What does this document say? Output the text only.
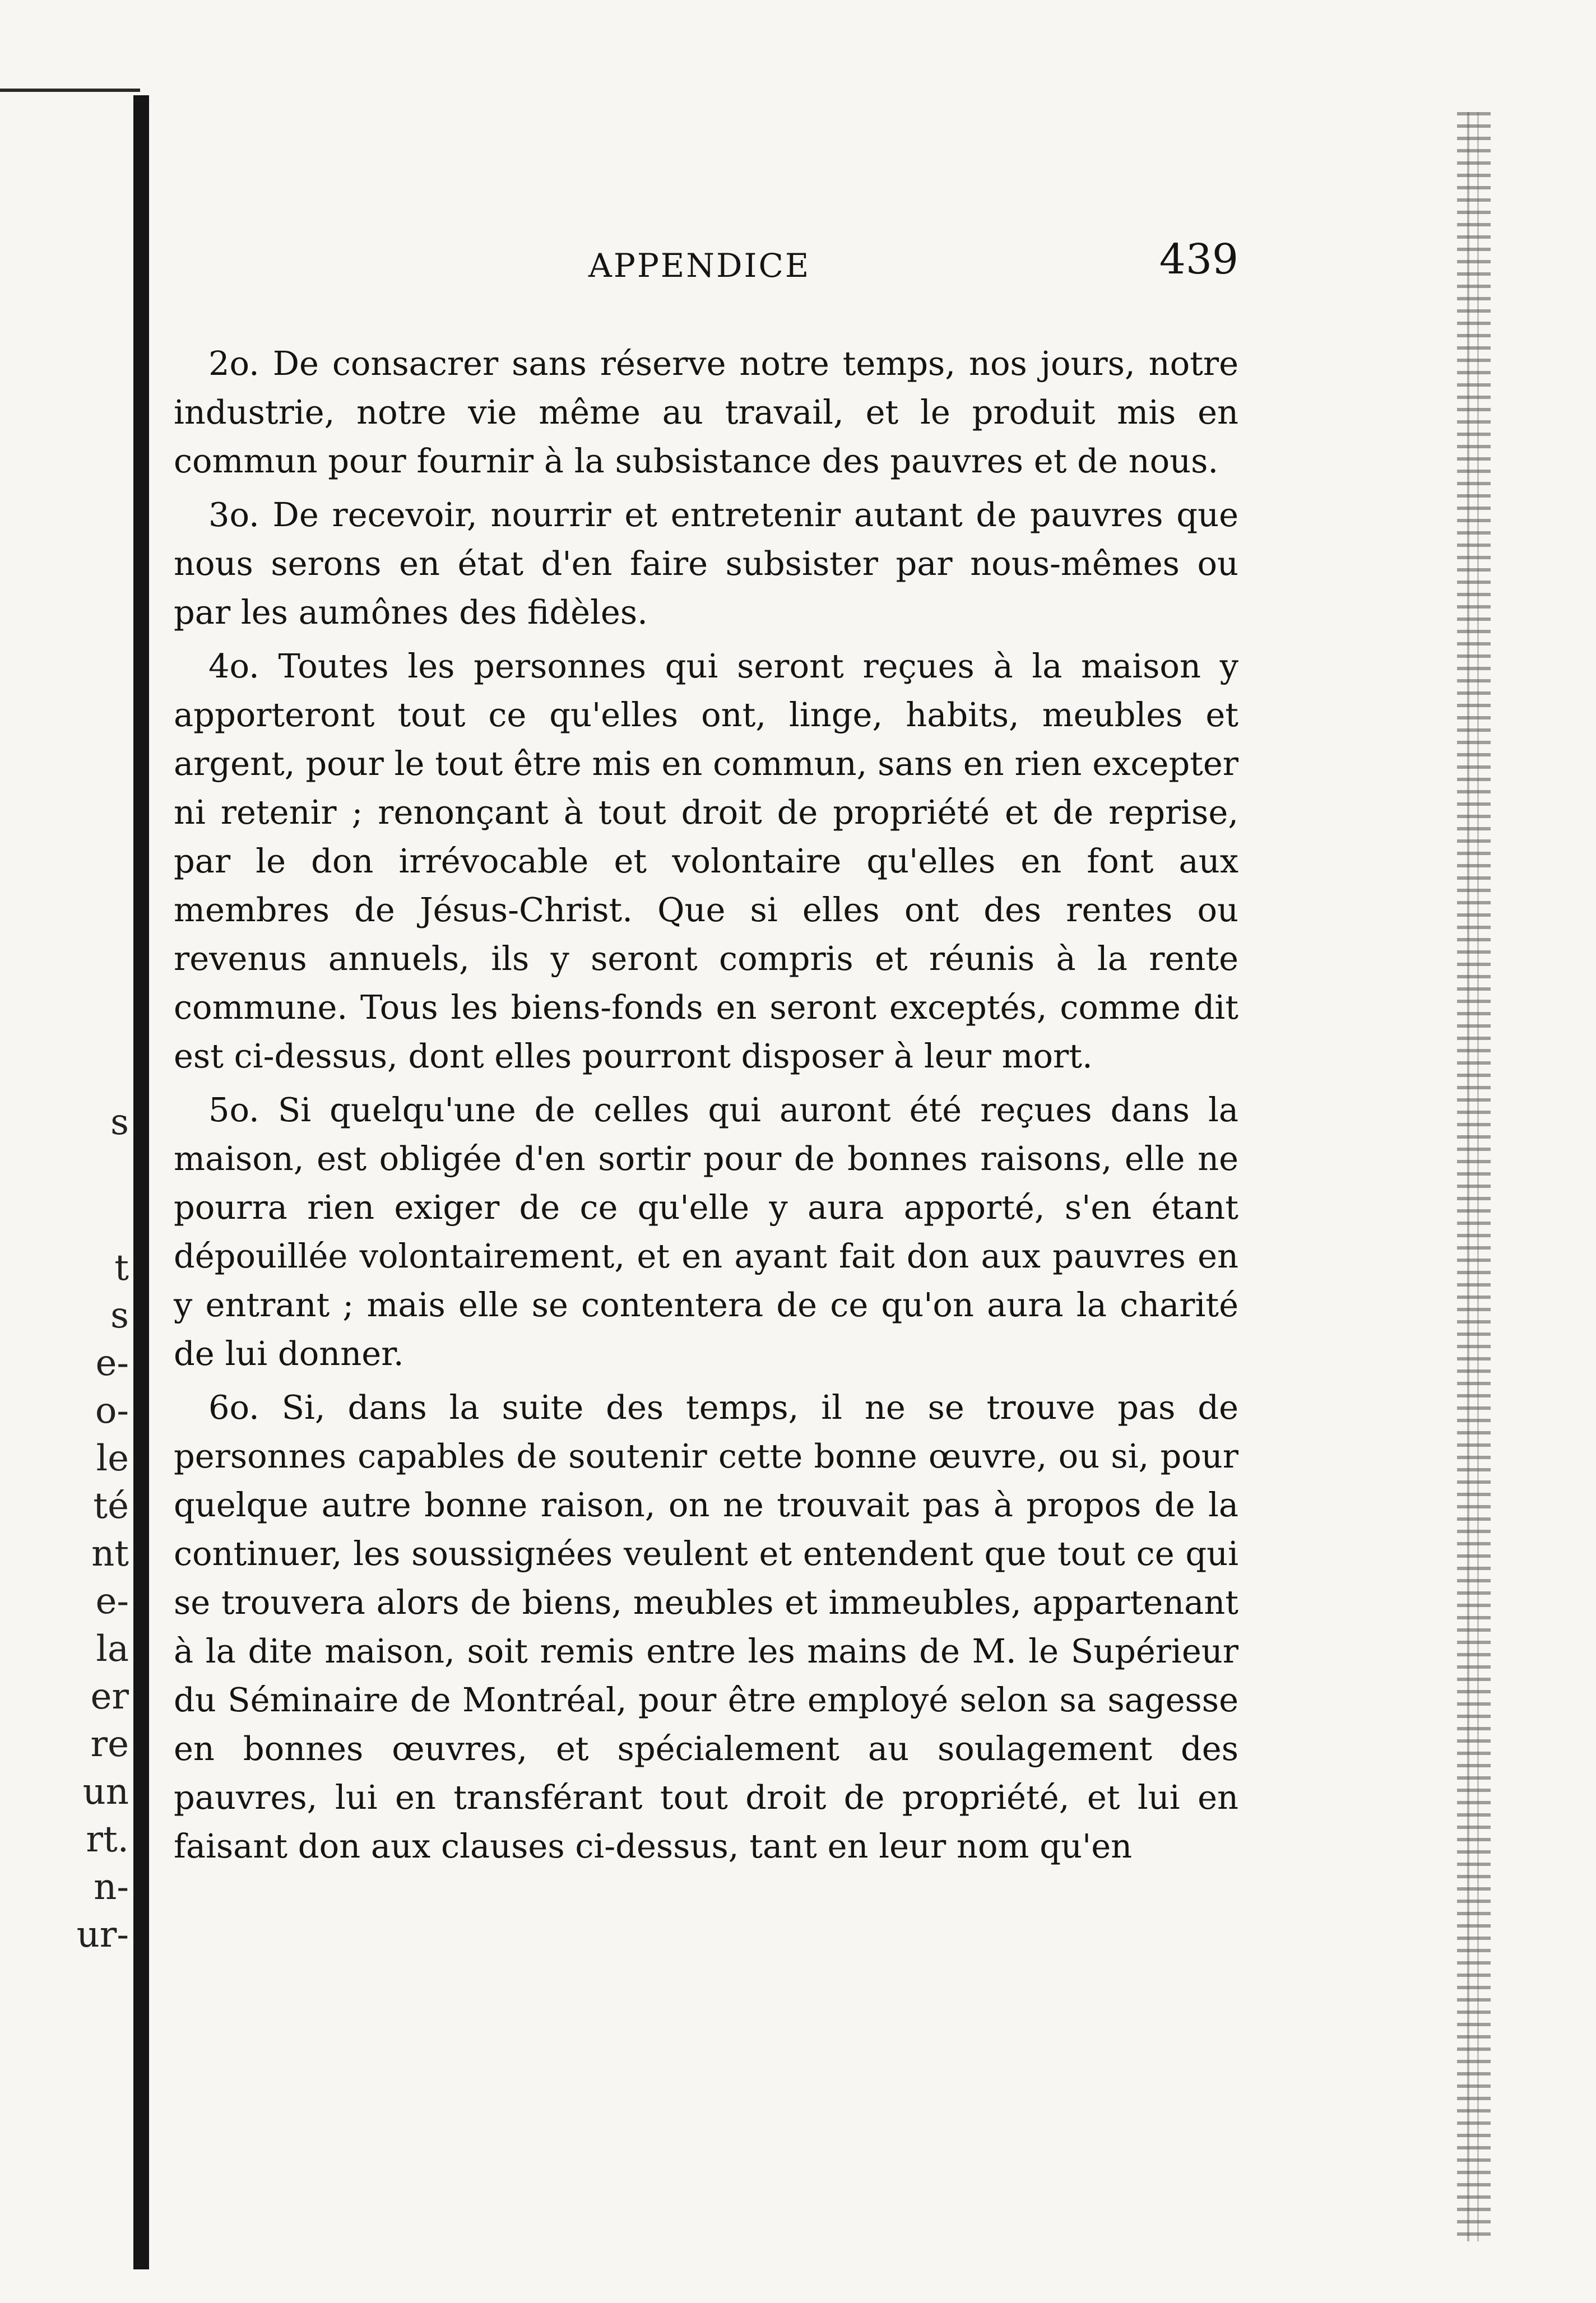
s
t
s
e-
o-
le
té
nt
e-
la
er
re
un
rt.
n-
ur-
APPENDICE	439

2o. De consacrer sans réserve notre temps, nos jours, notre industrie, notre vie même au travail, et le produit mis en commun pour fournir à la subsistance des pauvres et de nous.

3o. De recevoir, nourrir et entretenir autant de pauvres que nous serons en état d'en faire subsister par nous-mêmes ou par les aumônes des fidèles.

4o. Toutes les personnes qui seront reçues à la maison y apporteront tout ce qu'elles ont, linge, habits, meubles et argent, pour le tout être mis en commun, sans en rien excepter ni retenir ; renonçant à tout droit de propriété et de reprise, par le don irrévocable et volontaire qu'elles en font aux membres de Jésus-Christ. Que si elles ont des rentes ou revenus annuels, ils y seront compris et réunis à la rente commune. Tous les biens-fonds en seront exceptés, comme dit est ci-dessus, dont elles pourront disposer à leur mort.

5o. Si quelqu'une de celles qui auront été reçues dans la maison, est obligée d'en sortir pour de bonnes raisons, elle ne pourra rien exiger de ce qu'elle y aura apporté, s'en étant dépouillée volontairement, et en ayant fait don aux pauvres en y entrant ; mais elle se contentera de ce qu'on aura la charité de lui donner.

6o. Si, dans la suite des temps, il ne se trouve pas de personnes capables de soutenir cette bonne œuvre, ou si, pour quelque autre bonne raison, on ne trouvait pas à propos de la continuer, les soussignées veulent et entendent que tout ce qui se trouvera alors de biens, meubles et immeubles, appartenant à la dite maison, soit remis entre les mains de M. le Supérieur du Séminaire de Montréal, pour être employé selon sa sagesse en bonnes œuvres, et spécialement au soulagement des pauvres, lui en transférant tout droit de propriété, et lui en faisant don aux clauses ci-dessus, tant en leur nom qu'en
